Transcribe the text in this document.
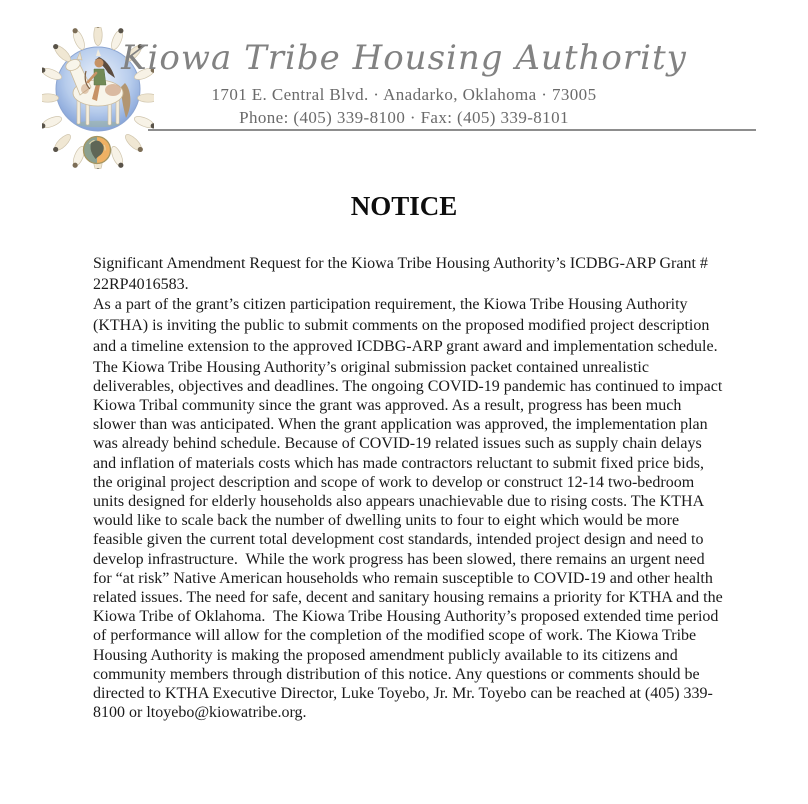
Kiowa Tribe Housing Authority
1701 E. Central Blvd. · Anadarko, Oklahoma · 73005
Phone: (405) 339-8100 · Fax: (405) 339-8101
NOTICE

Significant Amendment Request for the Kiowa Tribe Housing Authority’s ICDBG-ARP Grant # 22RP4016583.

As a part of the grant’s citizen participation requirement, the Kiowa Tribe Housing Authority (KTHA) is inviting the public to submit comments on the proposed modified project description and a timeline extension to the approved ICDBG-ARP grant award and implementation schedule.

The Kiowa Tribe Housing Authority’s original submission packet contained unrealistic deliverables, objectives and deadlines. The ongoing COVID-19 pandemic has continued to impact Kiowa Tribal community since the grant was approved. As a result, progress has been much slower than was anticipated. When the grant application was approved, the implementation plan was already behind schedule. Because of COVID-19 related issues such as supply chain delays and inflation of materials costs which has made contractors reluctant to submit fixed price bids, the original project description and scope of work to develop or construct 12-14 two-bedroom units designed for elderly households also appears unachievable due to rising costs. The KTHA would like to scale back the number of dwelling units to four to eight which would be more feasible given the current total development cost standards, intended project design and need to develop infrastructure.  While the work progress has been slowed, there remains an urgent need for “at risk” Native American households who remain susceptible to COVID-19 and other health related issues. The need for safe, decent and sanitary housing remains a priority for KTHA and the Kiowa Tribe of Oklahoma.  The Kiowa Tribe Housing Authority’s proposed extended time period of performance will allow for the completion of the modified scope of work. The Kiowa Tribe Housing Authority is making the proposed amendment publicly available to its citizens and community members through distribution of this notice. Any questions or comments should be directed to KTHA Executive Director, Luke Toyebo, Jr. Mr. Toyebo can be reached at (405) 339-8100 or ltoyebo@kiowatribe.org.
